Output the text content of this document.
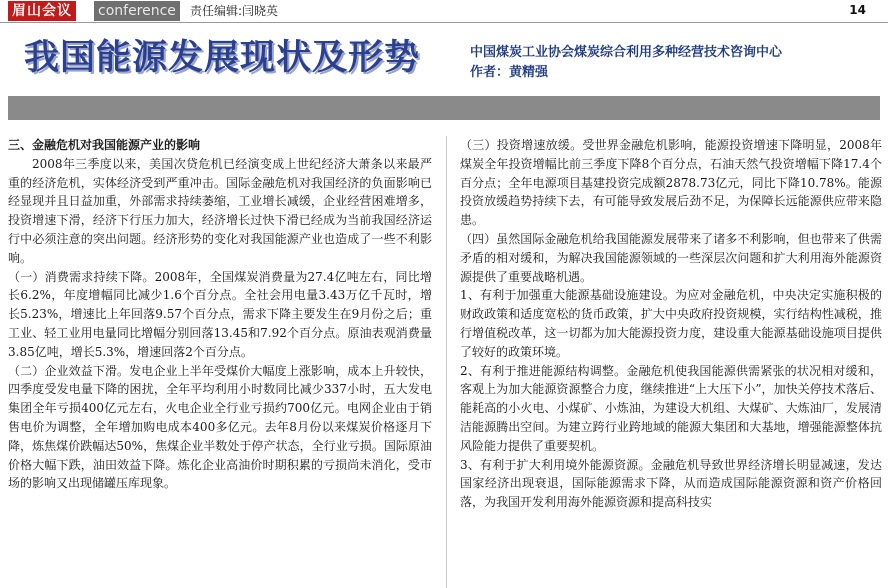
眉山会议 conference	责任编辑:闫晓英	14
我国能源发展现状及形势	中国煤炭工业协会煤炭综合利用多种经营技术咨询中心
作者：黄精强

三、金融危机对我国能源产业的影响

2008年三季度以来，美国次贷危机已经演变成上世纪经济大萧条以来最严重的经济危机，实体经济受到严重冲击。国际金融危机对我国经济的负面影响已经显现并且日益加重，外部需求持续萎缩，工业增长减缓，企业经营困难增多，投资增速下滑，经济下行压力加大，经济增长过快下滑已经成为当前我国经济运行中必须注意的突出问题。经济形势的变化对我国能源产业也造成了一些不利影响。

（一）消费需求持续下降。2008年，全国煤炭消费量为27.4亿吨左右，同比增长6.2%，年度增幅同比减少1.6个百分点。全社会用电量3.43万亿千瓦时，增长5.23%，增速比上年回落9.57个百分点，需求下降主要发生在9月份之后；重工业、轻工业用电量同比增幅分别回落13.45和7.92个百分点。原油表观消费量3.85亿吨，增长5.3%，增速回落2个百分点。

（二）企业效益下滑。发电企业上半年受煤价大幅度上涨影响，成本上升较快，四季度受发电量下降的困扰，全年平均利用小时数同比减少337小时，五大发电集团全年亏损400亿元左右，火电企业全行业亏损约700亿元。电网企业由于销售电价为调整，全年增加购电成本400多亿元。去年8月份以来煤炭价格逐月下降，炼焦煤价跌幅达50%，焦煤企业半数处于停产状态，全行业亏损。国际原油价格大幅下跌，油田效益下降。炼化企业高油价时期积累的亏损尚未消化，受市场的影响又出现储罐压库现象。

（三）投资增速放缓。受世界金融危机影响，能源投资增速下降明显，2008年煤炭全年投资增幅比前三季度下降8个百分点，石油天然气投资增幅下降17.4个百分点；全年电源项目基建投资完成额2878.73亿元，同比下降10.78%。能源投资放缓趋势持续下去，有可能导致发展后劲不足，为保障长远能源供应带来隐患。

（四）虽然国际金融危机给我国能源发展带来了诸多不利影响，但也带来了供需矛盾的相对缓和，为解决我国能源领域的一些深层次问题和扩大利用海外能源资源提供了重要战略机遇。

1、有利于加强重大能源基础设施建设。为应对金融危机，中央决定实施积极的财政政策和适度宽松的货币政策，扩大中央政府投资规模，实行结构性减税，推行增值税改革，这一切都为加大能源投资力度，建设重大能源基础设施项目提供了较好的政策环境。

2、有利于推进能源结构调整。金融危机使我国能源供需紧张的状况相对缓和，客观上为加大能源资源整合力度，继续推进“上大压下小”，加快关停技术落后、能耗高的小火电、小煤矿、小炼油，为建设大机组、大煤矿、大炼油厂，发展清洁能源腾出空间。为建立跨行业跨地域的能源大集团和大基地，增强能源整体抗风险能力提供了重要契机。

3、有利于扩大利用境外能源资源。金融危机导致世界经济增长明显减速，发达国家经济出现衰退，国际能源需求下降，从而造成国际能源资源和资产价格回落，为我国开发利用海外能源资源和提高科技实
